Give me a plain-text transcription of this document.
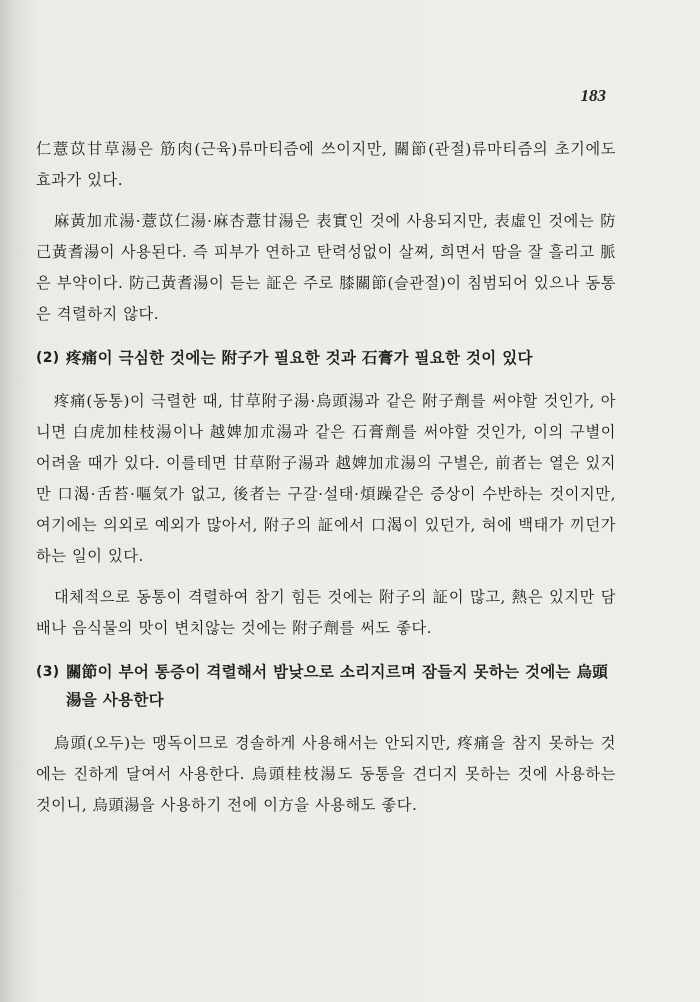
183

仁薏苡甘草湯은 筋肉(근육)류마티즘에 쓰이지만, 關節(관절)류마티즘의 초기에도 효과가 있다.

麻黃加朮湯·薏苡仁湯·麻杏薏甘湯은 表實인 것에 사용되지만, 表虛인 것에는 防己黃耆湯이 사용된다. 즉 피부가 연하고 탄력성없이 살쪄, 희면서 땀을 잘 흘리고 脈은 부약이다. 防己黃耆湯이 듣는 証은 주로 膝關節(슬관절)이 침범되어 있으나 동통은 격렬하지 않다.

(2) 疼痛이 극심한 것에는 附子가 필요한 것과 石膏가 필요한 것이 있다

疼痛(동통)이 극렬한 때, 甘草附子湯·烏頭湯과 같은 附子劑를 써야할 것인가, 아니면 白虎加桂枝湯이나 越婢加朮湯과 같은 石膏劑를 써야할 것인가, 이의 구별이 어려울 때가 있다. 이를테면 甘草附子湯과 越婢加朮湯의 구별은, 前者는 열은 있지만 口渴·舌苔·嘔気가 없고, 後者는 구갈·설태·煩躁같은 증상이 수반하는 것이지만, 여기에는 의외로 예외가 많아서, 附子의 証에서 口渴이 있던가, 혀에 백태가 끼던가 하는 일이 있다.

대체적으로 동통이 격렬하여 참기 힘든 것에는 附子의 証이 많고, 熱은 있지만 담배나 음식물의 맛이 변치않는 것에는 附子劑를 써도 좋다.

(3) 關節이 부어 통증이 격렬해서 밤낮으로 소리지르며 잠들지 못하는 것에는 烏頭湯을 사용한다

烏頭(오두)는 맹독이므로 경솔하게 사용해서는 안되지만, 疼痛을 참지 못하는 것에는 진하게 달여서 사용한다. 烏頭桂枝湯도 동통을 견디지 못하는 것에 사용하는 것이니, 烏頭湯을 사용하기 전에 이方을 사용해도 좋다.
